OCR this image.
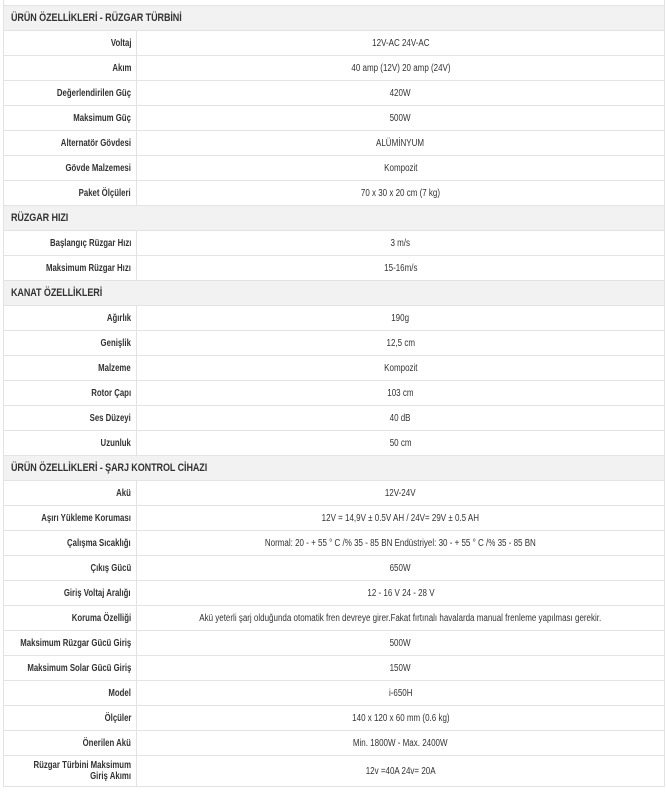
ÜRÜN ÖZELLİKLERİ - RÜZGAR TÜRBİNİ
Voltaj	12V-AC 24V-AC
Akım	40 amp (12V) 20 amp (24V)
Değerlendirilen Güç	420W
Maksimum Güç	500W
Alternatör Gövdesi	ALÜMİNYUM
Gövde Malzemesi	Kompozit
Paket Ölçüleri	70 x 30 x 20 cm (7 kg)
RÜZGAR HIZI
Başlangıç Rüzgar Hızı	3 m/s
Maksimum Rüzgar Hızı	15-16m/s
KANAT ÖZELLİKLERİ
Ağırlık	190g
Genişlik	12,5 cm
Malzeme	Kompozit
Rotor Çapı	103 cm
Ses Düzeyi	40 dB
Uzunluk	50 cm
ÜRÜN ÖZELLİKLERİ - ŞARJ KONTROL CİHAZI
Akü	12V-24V
Aşırı Yükleme Koruması	12V = 14,9V ± 0.5V AH / 24V= 29V ± 0.5 AH
Çalışma Sıcaklığı	Normal: 20 - + 55 ° C /% 35 - 85 BN Endüstriyel: 30 - + 55 ° C /% 35 - 85 BN
Çıkış Gücü	650W
Giriş Voltaj Aralığı	12 - 16 V 24 - 28 V
Koruma Özelliği	Akü yeterli şarj olduğunda otomatik fren devreye girer.Fakat fırtınalı havalarda manual frenleme yapılması gerekir.
Maksimum Rüzgar Gücü Giriş	500W
Maksimum Solar Gücü Giriş	150W
Model	i-650H
Ölçüler	140 x 120 x 60 mm (0.6 kg)
Önerilen Akü	Min. 1800W - Max. 2400W
Rüzgar Türbini Maksimum Giriş Akımı	12v =40A 24v= 20A
